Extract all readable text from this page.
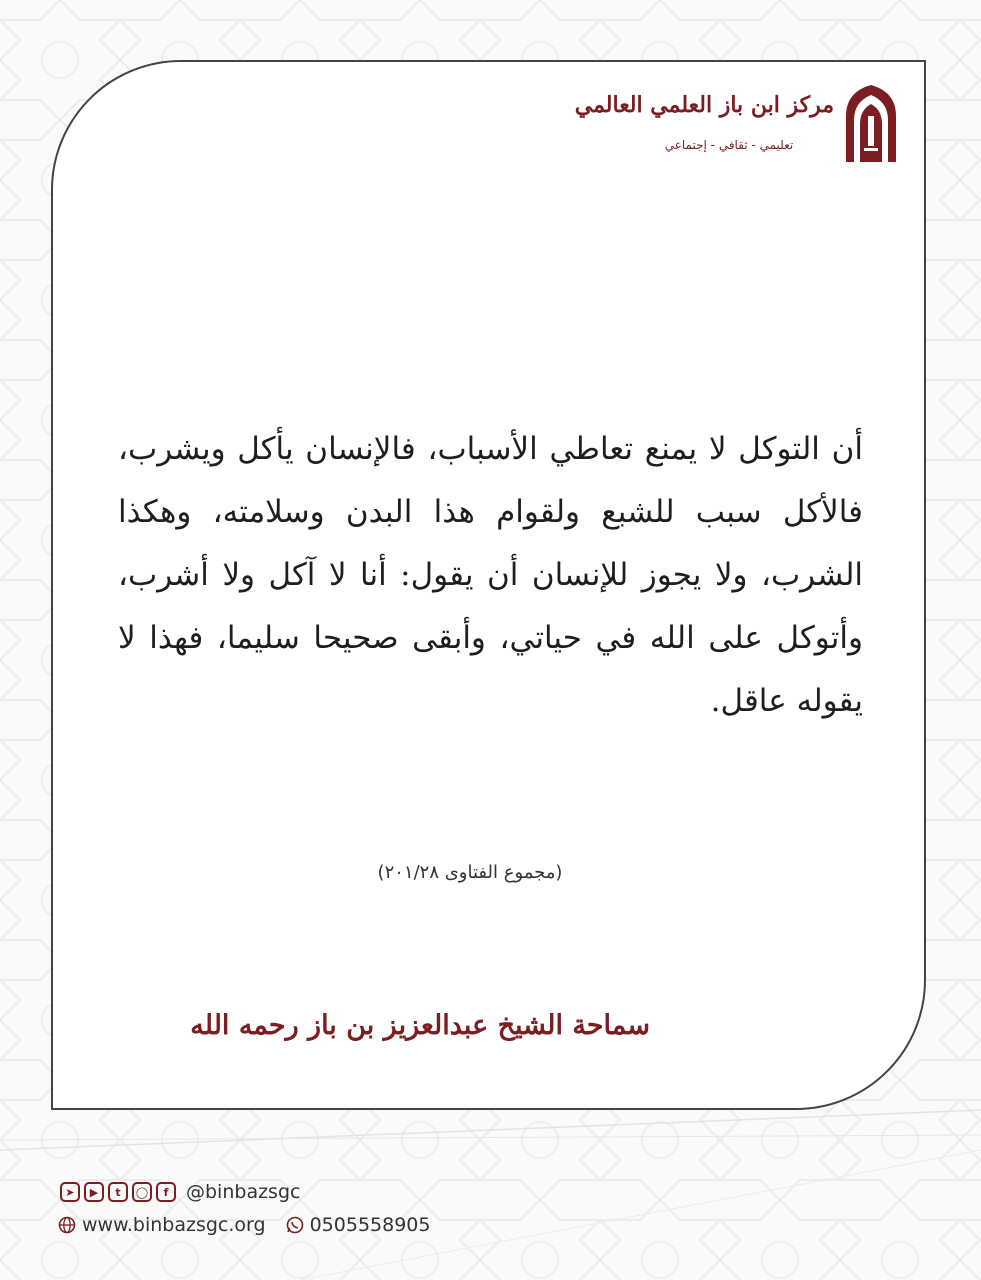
مركز ابن باز العلمي العالمي
تعليمي - ثقافي - إجتماعي

أن التوكل لا يمنع تعاطي الأسباب، فالإنسان يأكل ويشرب، فالأكل سبب للشبع ولقوام هذا البدن وسلامته، وهكذا الشرب، ولا يجوز للإنسان أن يقول: أنا لا آكل ولا أشرب، وأتوكل على الله في حياتي، وأبقى صحيحا سليما، فهذا لا يقوله عاقل.

(مجموع الفتاوى ٢٠١/٢٨)
سماحة الشيخ عبدالعزيز بن باز رحمه الله
➤	▶	t	◯	f @binbazsgc
www.binbazsgc.org 0505558905
